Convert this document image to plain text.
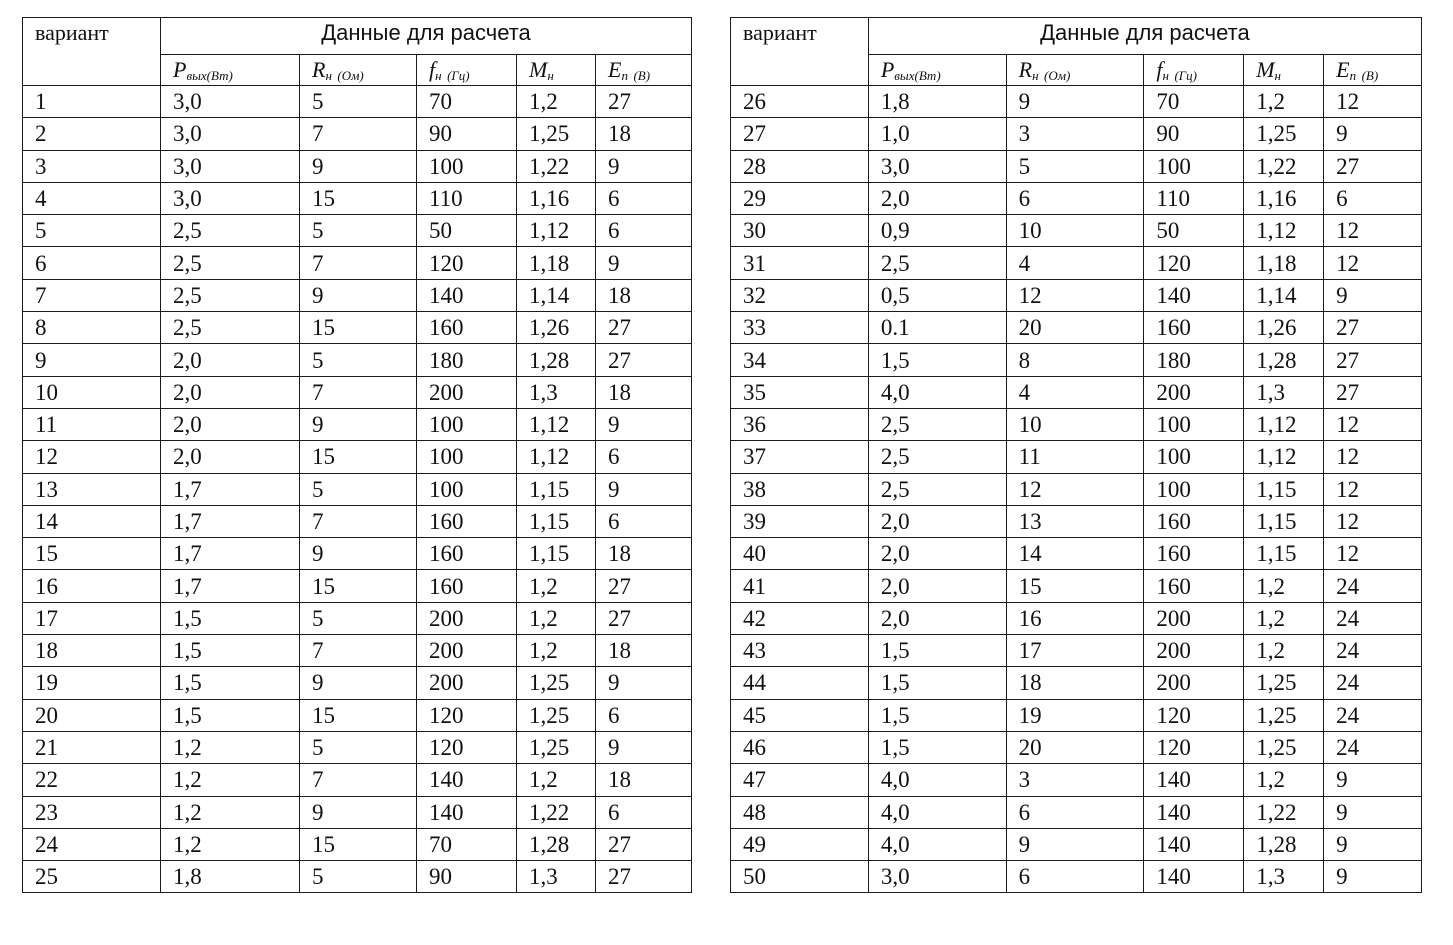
вариант	Данные для расчета				
	$P_{вых(Вт)}$	$R_н$ $_{(Ом)}$	$f_н$ $_{(Гц)}$	$M_н$	$E_п$ $_{(В)}$
1	3,0	5	70	1,2	27
2	3,0	7	90	1,25	18
3	3,0	9	100	1,22	9
4	3,0	15	110	1,16	6
5	2,5	5	50	1,12	6
6	2,5	7	120	1,18	9
7	2,5	9	140	1,14	18
8	2,5	15	160	1,26	27
9	2,0	5	180	1,28	27
10	2,0	7	200	1,3	18
11	2,0	9	100	1,12	9
12	2,0	15	100	1,12	6
13	1,7	5	100	1,15	9
14	1,7	7	160	1,15	6
15	1,7	9	160	1,15	18
16	1,7	15	160	1,2	27
17	1,5	5	200	1,2	27
18	1,5	7	200	1,2	18
19	1,5	9	200	1,25	9
20	1,5	15	120	1,25	6
21	1,2	5	120	1,25	9
22	1,2	7	140	1,2	18
23	1,2	9	140	1,22	6
24	1,2	15	70	1,28	27
25	1,8	5	90	1,3	27
вариант	Данные для расчета				
	$P_{вых(Вт)}$	$R_н$ $_{(Ом)}$	$f_н$ $_{(Гц)}$	$M_н$	$E_п$ $_{(В)}$
26	1,8	9	70	1,2	12
27	1,0	3	90	1,25	9
28	3,0	5	100	1,22	27
29	2,0	6	110	1,16	6
30	0,9	10	50	1,12	12
31	2,5	4	120	1,18	12
32	0,5	12	140	1,14	9
33	0.1	20	160	1,26	27
34	1,5	8	180	1,28	27
35	4,0	4	200	1,3	27
36	2,5	10	100	1,12	12
37	2,5	11	100	1,12	12
38	2,5	12	100	1,15	12
39	2,0	13	160	1,15	12
40	2,0	14	160	1,15	12
41	2,0	15	160	1,2	24
42	2,0	16	200	1,2	24
43	1,5	17	200	1,2	24
44	1,5	18	200	1,25	24
45	1,5	19	120	1,25	24
46	1,5	20	120	1,25	24
47	4,0	3	140	1,2	9
48	4,0	6	140	1,22	9
49	4,0	9	140	1,28	9
50	3,0	6	140	1,3	9
